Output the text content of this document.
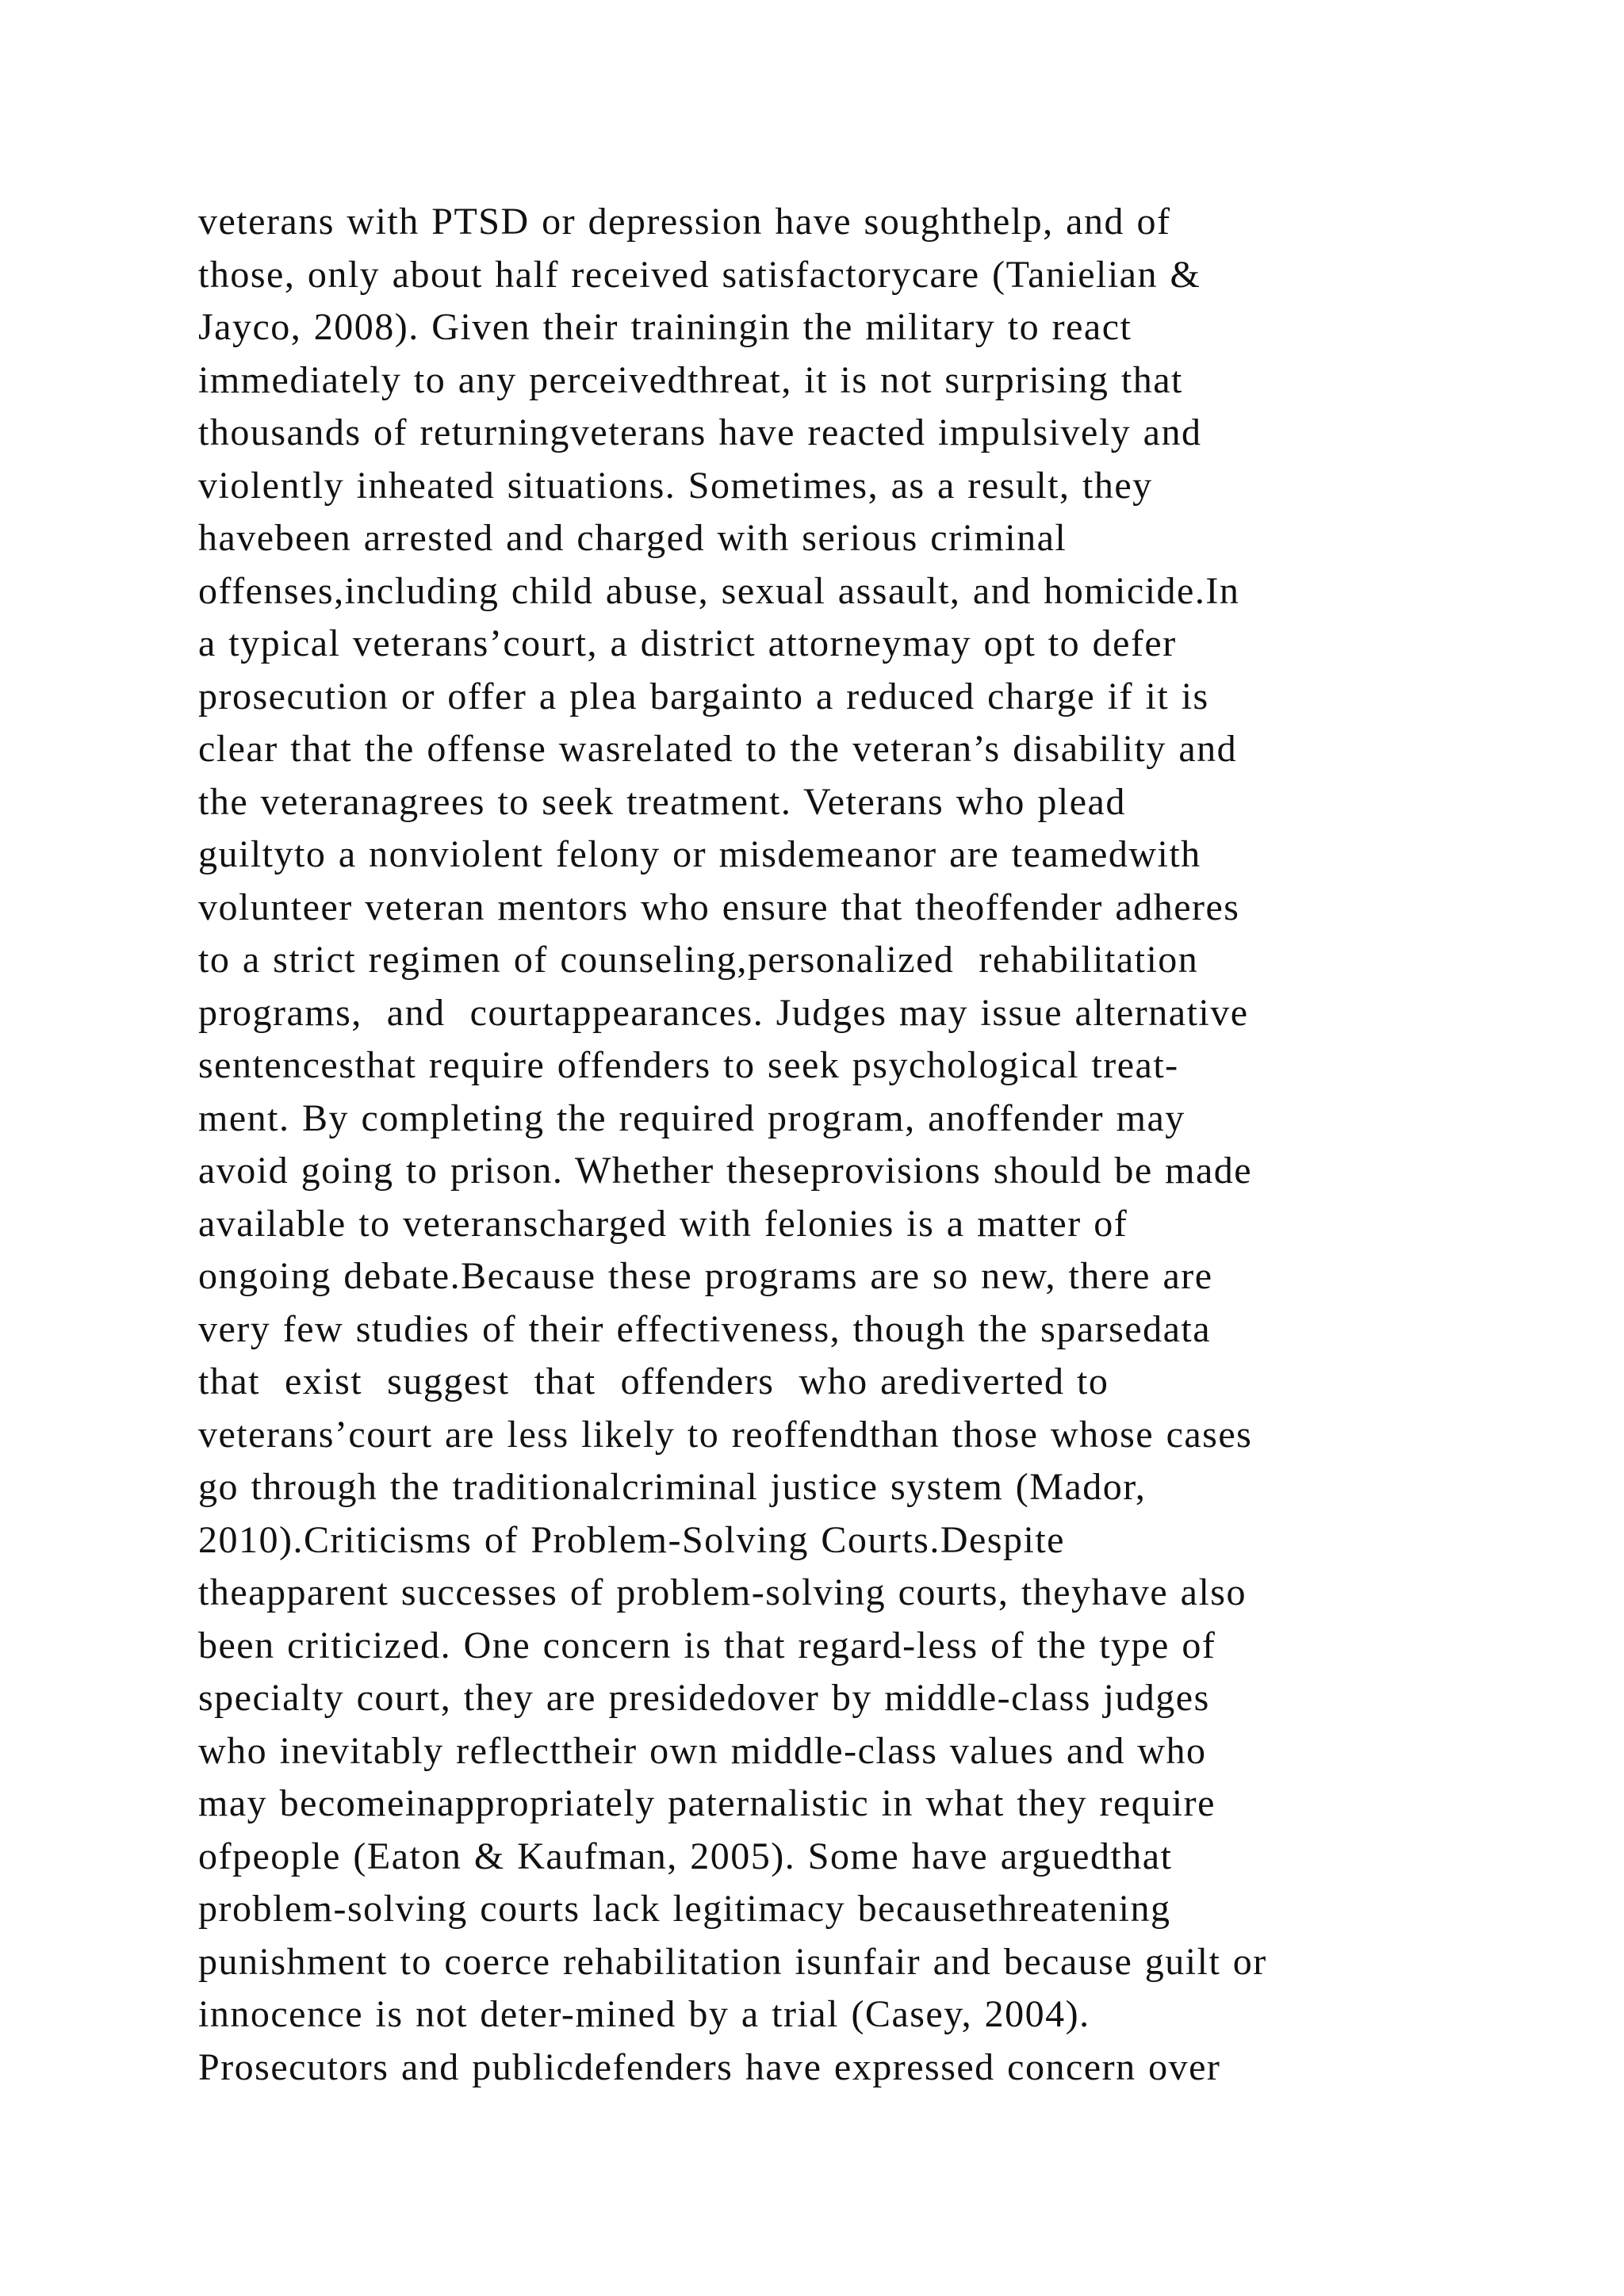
veterans with PTSD or depression have soughthelp, and of
those, only about half received satisfactorycare (Tanielian &
Jayco, 2008). Given their trainingin the military to react
immediately to any perceivedthreat, it is not surprising that
thousands of returningveterans have reacted impulsively and
violently inheated situations. Sometimes, as a result, they
havebeen arrested and charged with serious criminal
offenses,including child abuse, sexual assault, and homicide.In
a typical veterans’court, a district attorneymay opt to defer
prosecution or offer a plea bargainto a reduced charge if it is
clear that the offense wasrelated to the veteran’s disability and
the veteranagrees to seek treatment. Veterans who plead
guiltyto a nonviolent felony or misdemeanor are teamedwith
volunteer veteran mentors who ensure that theoffender adheres
to a strict regimen of counseling,personalized  rehabilitation
programs,  and  courtappearances. Judges may issue alternative
sentencesthat require offenders to seek psychological treat-
ment. By completing the required program, anoffender may
avoid going to prison. Whether theseprovisions should be made
available to veteranscharged with felonies is a matter of
ongoing debate.Because these programs are so new, there are
very few studies of their effectiveness, though the sparsedata
that  exist  suggest  that  offenders  who arediverted to
veterans’court are less likely to reoffendthan those whose cases
go through the traditionalcriminal justice system (Mador,
2010).Criticisms of Problem-Solving Courts.Despite
theapparent successes of problem-solving courts, theyhave also
been criticized. One concern is that regard-less of the type of
specialty court, they are presidedover by middle-class judges
who inevitably reflecttheir own middle-class values and who
may becomeinappropriately paternalistic in what they require
ofpeople (Eaton & Kaufman, 2005). Some have arguedthat
problem-solving courts lack legitimacy becausethreatening
punishment to coerce rehabilitation isunfair and because guilt or
innocence is not deter-mined by a trial (Casey, 2004).
Prosecutors and publicdefenders have expressed concern over
